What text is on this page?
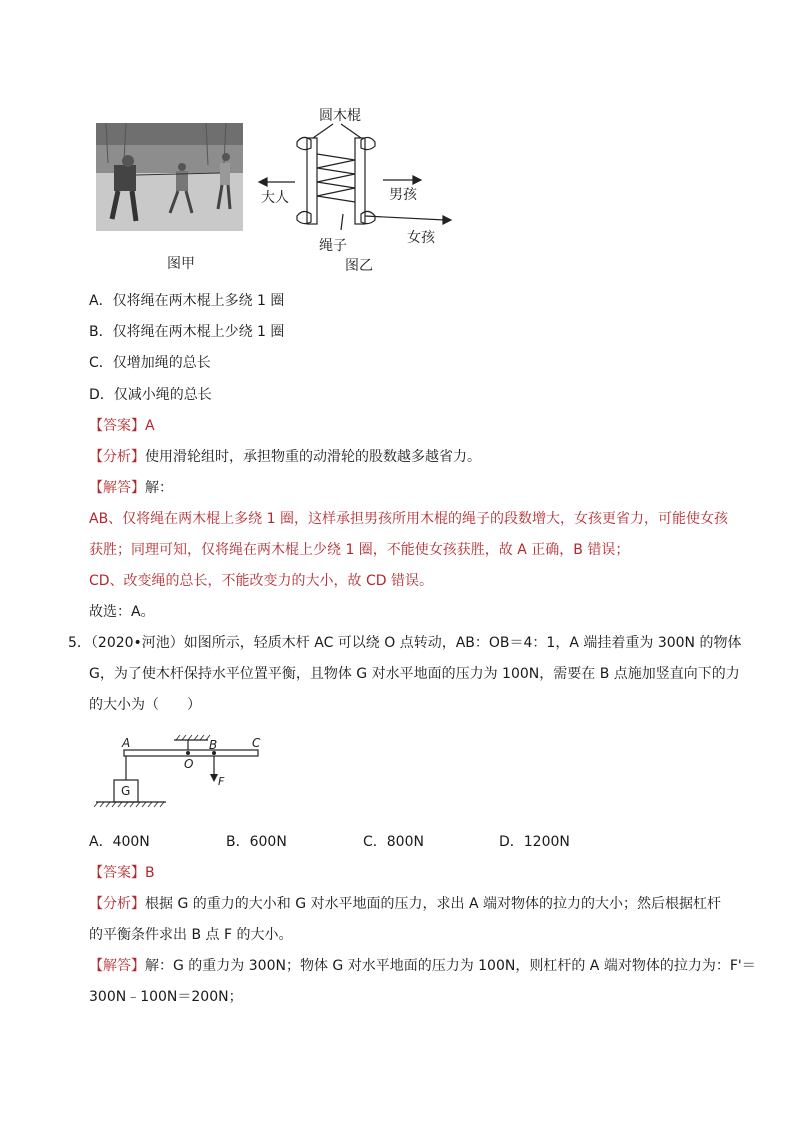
图甲
圆木棍
大人	男孩
绳子	女孩
图乙
A．仅将绳在两木棍上多绕 1 圈
B．仅将绳在两木棍上少绕 1 圈
C．仅增加绳的总长
D．仅减小绳的总长
【答案】A
【分析】使用滑轮组时，承担物重的动滑轮的股数越多越省力。
【解答】解：
AB、仅将绳在两木棍上多绕 1 圈，这样承担男孩所用木棍的绳子的段数增大，女孩更省力，可能使女孩
获胜；同理可知，仅将绳在两木棍上少绕 1 圈，不能使女孩获胜，故 A 正确，B 错误；
CD、改变绳的总长，不能改变力的大小，故 CD 错误。
故选：A。
5．（2020•河池）如图所示，轻质木杆 AC 可以绕 O 点转动，AB：OB＝4：1，A 端挂着重为 300N 的物体
G，为了使木杆保持水平位置平衡，且物体 G 对水平地面的压力为 100N，需要在 B 点施加竖直向下的力
的大小为（　　）
A	B	C
O
F
G
A．400N	B．600N	C．800N	D．1200N
【答案】B
【分析】根据 G 的重力的大小和 G 对水平地面的压力，求出 A 端对物体的拉力的大小；然后根据杠杆
的平衡条件求出 B 点 F 的大小。
【解答】解：G 的重力为 300N；物体 G 对水平地面的压力为 100N，则杠杆的 A 端对物体的拉力为：F'＝
300N﹣100N＝200N；
